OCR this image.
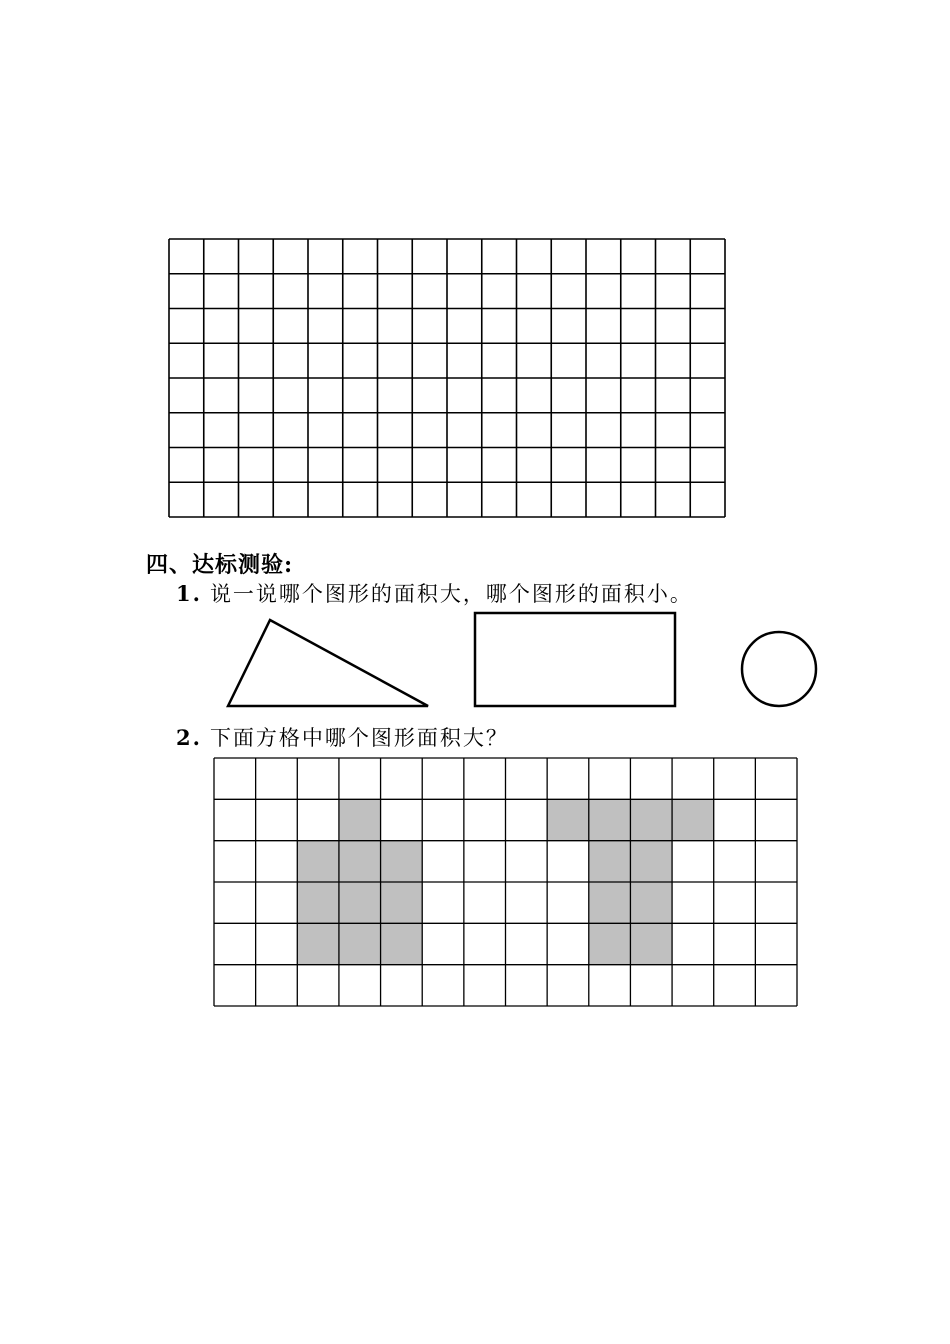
四、达标测验:
1. 说一说哪个图形的面积大，哪个图形的面积小。
2. 下面方格中哪个图形面积大？
